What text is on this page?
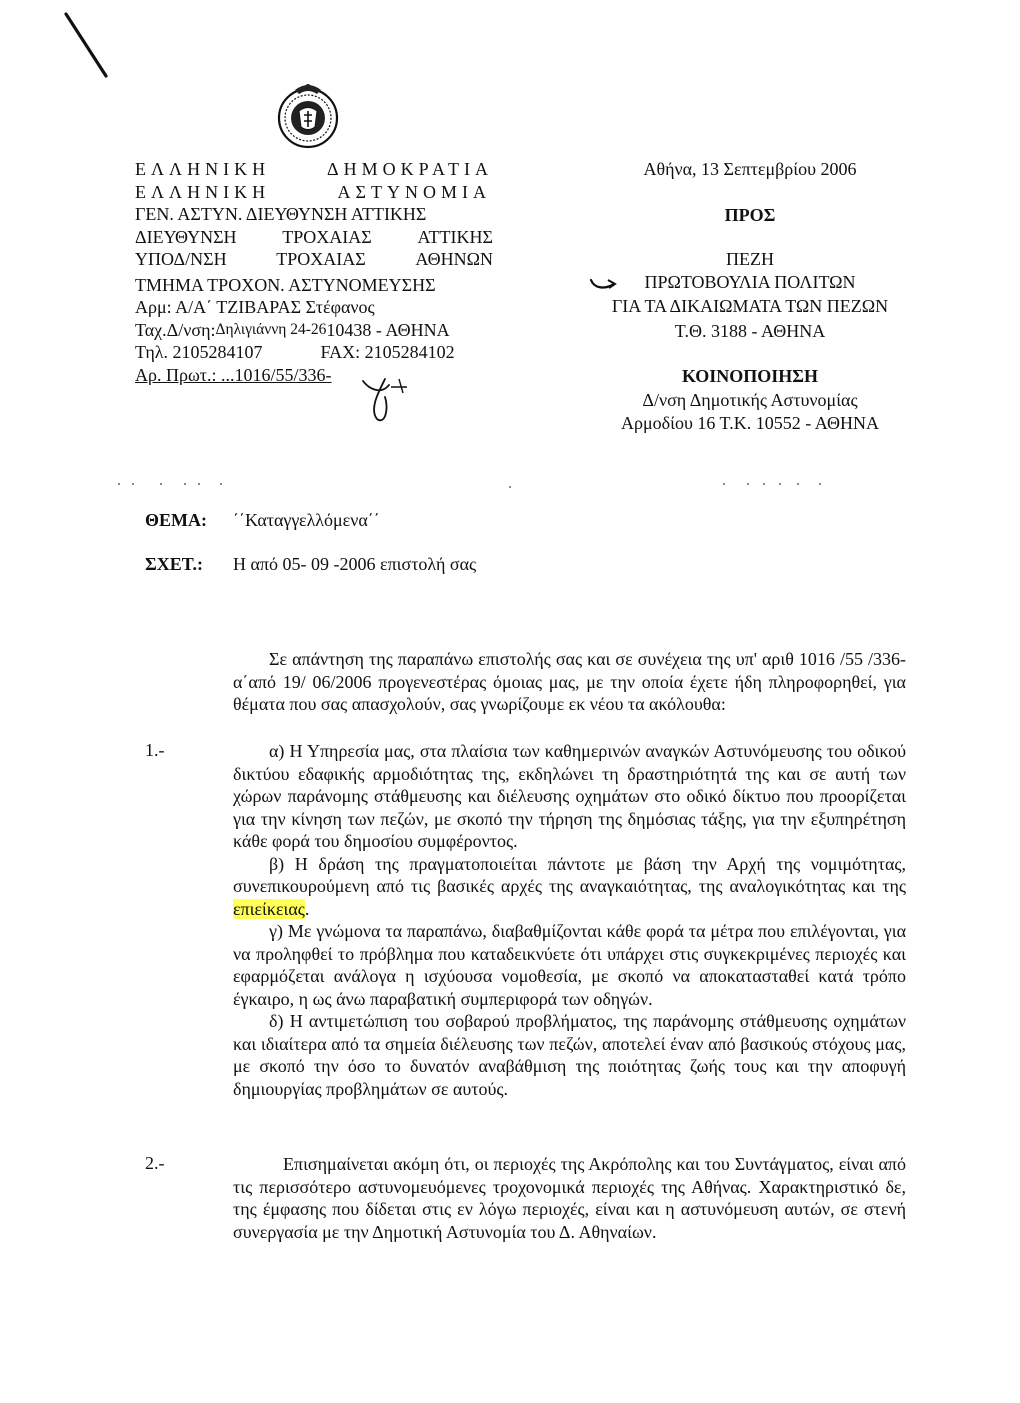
ΕΛΛΗΝΙΚΗ	ΔΗΜΟΚΡΑΤΙΑ
ΕΛΛΗΝΙΚΗ	ΑΣΤΥΝΟΜΙΑ
ΓΕΝ. ΑΣΤΥΝ. ΔΙΕΥΘΥΝΣΗ ΑΤΤΙΚΗΣ
ΔΙΕΥΘΥΝΣΗ	ΤΡΟΧΑΙΑΣ	ΑΤΤΙΚΗΣ
ΥΠΟΔ/ΝΣΗ	ΤΡΟΧΑΙΑΣ	ΑΘΗΝΩΝ
ΤΜΗΜΑ ΤΡΟΧΟΝ. ΑΣΤΥΝΟΜΕΥΣΗΣ
Αρμ: Α/Α΄ ΤΖΙΒΑΡΑΣ Στέφανος
Ταχ.Δ/νση: Δηλιγιάννη 24-26 10438 - ΑΘΗΝΑ
Τηλ. 2105284107	FAX: 2105284102
Αρ. Πρωτ.: ...1016/55/336-
Αθήνα, 13 Σεπτεμβρίου 2006
ΠΡΟΣ
ΠΕΖΗ
ΠΡΩΤΟΒΟΥΛΙΑ ΠΟΛΙΤΩΝ
ΓΙΑ ΤΑ ΔΙΚΑΙΩΜΑΤΑ ΤΩΝ ΠΕΖΩΝ
Τ.Θ. 3188 - ΑΘΗΝΑ
ΚΟΙΝΟΠΟΙΗΣΗ
Δ/νση Δημοτικής Αστυνομίας
Αρμοδίου 16 Τ.Κ. 10552 - ΑΘΗΝΑ
ΘΕΜΑ: ΄΄Καταγγελλόμενα΄΄
ΣΧΕΤ.: Η από 05- 09 -2006 επιστολή σας

Σε απάντηση της παραπάνω επιστολής σας και σε συνέχεια της υπ' αριθ 1016 /55 /336-α΄από 19/ 06/2006 προγενεστέρας όμοιας μας, με την οποία έχετε ήδη πληροφορηθεί, για θέματα που σας απασχολούν, σας γνωρίζουμε εκ νέου τα ακόλουθα:

1.-	α) Η Υπηρεσία μας, στα πλαίσια των καθημερινών αναγκών Αστυνόμευσης του οδικού δικτύου εδαφικής αρμοδιότητας της, εκδηλώνει τη δραστηριότητά της και σε αυτή των χώρων παράνομης στάθμευσης και διέλευσης οχημάτων στο οδικό δίκτυο που προορίζεται για την κίνηση των πεζών, με σκοπό την τήρηση της δημόσιας τάξης, για την εξυπηρέτηση κάθε φορά του δημοσίου συμφέροντος.

β) Η δράση της πραγματοποιείται πάντοτε με βάση την Αρχή της νομιμότητας, συνεπικουρούμενη από τις βασικές αρχές της αναγκαιότητας, της αναλογικότητας και της επιείκειας.

γ) Με γνώμονα τα παραπάνω, διαβαθμίζονται κάθε φορά τα μέτρα που επιλέγονται, για να προληφθεί το πρόβλημα που καταδεικνύετε ότι υπάρχει στις συγκεκριμένες περιοχές και εφαρμόζεται ανάλογα η ισχύουσα νομοθεσία, με σκοπό να αποκατασταθεί κατά τρόπο έγκαιρο, η ως άνω παραβατική συμπεριφορά των οδηγών.

δ) Η αντιμετώπιση του σοβαρού προβλήματος, της παράνομης στάθμευσης οχημάτων και ιδιαίτερα από τα σημεία διέλευσης των πεζών, αποτελεί έναν από βασικούς στόχους μας, με σκοπό την όσο το δυνατόν αναβάθμιση της ποιότητας ζωής τους και την αποφυγή δημιουργίας προβλημάτων σε αυτούς.

2.-	Επισημαίνεται ακόμη ότι, οι περιοχές της Ακρόπολης και του Συντάγματος, είναι από τις περισσότερο αστυνομευόμενες τροχονομικά περιοχές της Αθήνας. Χαρακτηριστικό δε, της έμφασης που δίδεται στις εν λόγω περιοχές, είναι και η αστυνόμευση αυτών, σε στενή συνεργασία με την Δημοτική Αστυνομία του Δ. Αθηναίων.
